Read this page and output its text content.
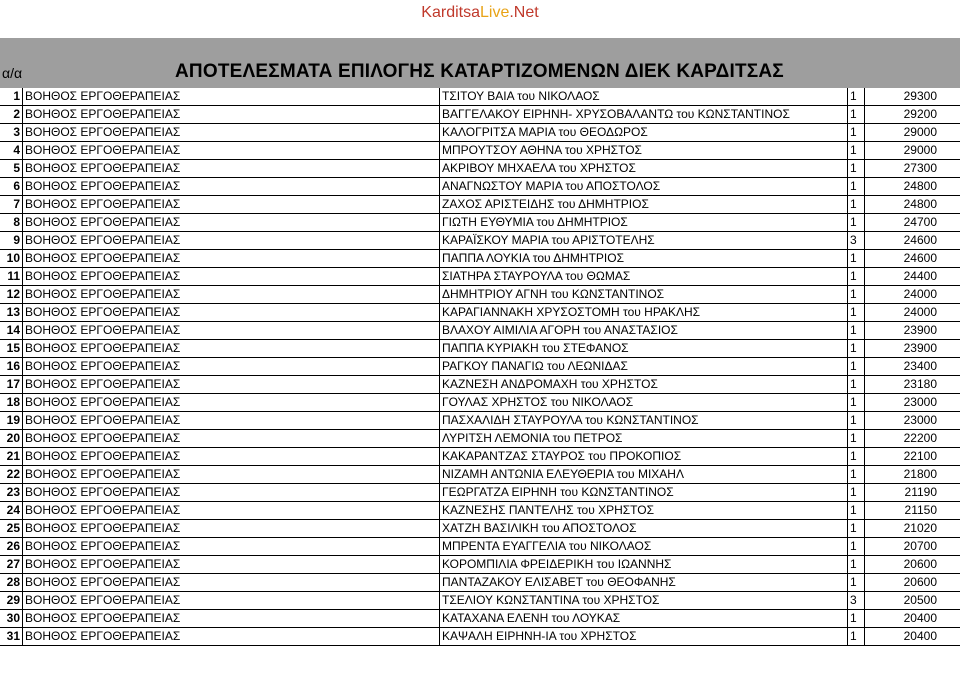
KarditsaLive.Net
α/α	ΑΠΟΤΕΛΕΣΜΑΤΑ ΕΠΙΛΟΓΗΣ ΚΑΤΑΡΤΙΖΟΜΕΝΩΝ ΔΙΕΚ ΚΑΡΔΙΤΣΑΣ
1	ΒΟΗΘΟΣ ΕΡΓΟΘΕΡΑΠΕΙΑΣ	ΤΣΙΤΟΥ ΒΑΙΑ του ΝΙΚΟΛΑΟΣ	1	29300
2	ΒΟΗΘΟΣ ΕΡΓΟΘΕΡΑΠΕΙΑΣ	ΒΑΓΓΕΛΑΚΟΥ ΕΙΡΗΝΗ- ΧΡΥΣΟΒΑΛΑΝΤΩ του ΚΩΝΣΤΑΝΤΙΝΟΣ	1	29200
3	ΒΟΗΘΟΣ ΕΡΓΟΘΕΡΑΠΕΙΑΣ	ΚΑΛΟΓΡΙΤΣΑ ΜΑΡΙΑ του ΘΕΟΔΩΡΟΣ	1	29000
4	ΒΟΗΘΟΣ ΕΡΓΟΘΕΡΑΠΕΙΑΣ	ΜΠΡΟΥΤΣΟΥ ΑΘΗΝΑ του ΧΡΗΣΤΟΣ	1	29000
5	ΒΟΗΘΟΣ ΕΡΓΟΘΕΡΑΠΕΙΑΣ	ΑΚΡΙΒΟΥ ΜΗΧΑΕΛΑ του ΧΡΗΣΤΟΣ	1	27300
6	ΒΟΗΘΟΣ ΕΡΓΟΘΕΡΑΠΕΙΑΣ	ΑΝΑΓΝΩΣΤΟΥ ΜΑΡΙΑ του ΑΠΟΣΤΟΛΟΣ	1	24800
7	ΒΟΗΘΟΣ ΕΡΓΟΘΕΡΑΠΕΙΑΣ	ΖΑΧΟΣ ΑΡΙΣΤΕΙΔΗΣ του ΔΗΜΗΤΡΙΟΣ	1	24800
8	ΒΟΗΘΟΣ ΕΡΓΟΘΕΡΑΠΕΙΑΣ	ΓΙΩΤΗ ΕΥΘΥΜΙΑ του ΔΗΜΗΤΡΙΟΣ	1	24700
9	ΒΟΗΘΟΣ ΕΡΓΟΘΕΡΑΠΕΙΑΣ	ΚΑΡΑΪΣΚΟΥ ΜΑΡΙΑ του ΑΡΙΣΤΟΤΕΛΗΣ	3	24600
10	ΒΟΗΘΟΣ ΕΡΓΟΘΕΡΑΠΕΙΑΣ	ΠΑΠΠΑ ΛΟΥΚΙΑ του ΔΗΜΗΤΡΙΟΣ	1	24600
11	ΒΟΗΘΟΣ ΕΡΓΟΘΕΡΑΠΕΙΑΣ	ΣΙΑΤΗΡΑ ΣΤΑΥΡΟΥΛΑ του ΘΩΜΑΣ	1	24400
12	ΒΟΗΘΟΣ ΕΡΓΟΘΕΡΑΠΕΙΑΣ	ΔΗΜΗΤΡΙΟΥ ΑΓΝΗ του ΚΩΝΣΤΑΝΤΙΝΟΣ	1	24000
13	ΒΟΗΘΟΣ ΕΡΓΟΘΕΡΑΠΕΙΑΣ	ΚΑΡΑΓΙΑΝΝΑΚΗ ΧΡΥΣΟΣΤΟΜΗ του ΗΡΑΚΛΗΣ	1	24000
14	ΒΟΗΘΟΣ ΕΡΓΟΘΕΡΑΠΕΙΑΣ	ΒΛΑΧΟΥ ΑΙΜΙΛΙΑ ΑΓΟΡΗ του ΑΝΑΣΤΑΣΙΟΣ	1	23900
15	ΒΟΗΘΟΣ ΕΡΓΟΘΕΡΑΠΕΙΑΣ	ΠΑΠΠΑ ΚΥΡΙΑΚΗ του ΣΤΕΦΑΝΟΣ	1	23900
16	ΒΟΗΘΟΣ ΕΡΓΟΘΕΡΑΠΕΙΑΣ	ΡΑΓΚΟΥ ΠΑΝΑΓΙΩ του ΛΕΩΝΙΔΑΣ	1	23400
17	ΒΟΗΘΟΣ ΕΡΓΟΘΕΡΑΠΕΙΑΣ	ΚΑΖΝΕΣΗ ΑΝΔΡΟΜΑΧΗ του ΧΡΗΣΤΟΣ	1	23180
18	ΒΟΗΘΟΣ ΕΡΓΟΘΕΡΑΠΕΙΑΣ	ΓΟΥΛΑΣ ΧΡΗΣΤΟΣ του ΝΙΚΟΛΑΟΣ	1	23000
19	ΒΟΗΘΟΣ ΕΡΓΟΘΕΡΑΠΕΙΑΣ	ΠΑΣΧΑΛΙΔΗ ΣΤΑΥΡΟΥΛΑ του ΚΩΝΣΤΑΝΤΙΝΟΣ	1	23000
20	ΒΟΗΘΟΣ ΕΡΓΟΘΕΡΑΠΕΙΑΣ	ΛΥΡΙΤΣΗ ΛΕΜΟΝΙΑ του ΠΕΤΡΟΣ	1	22200
21	ΒΟΗΘΟΣ ΕΡΓΟΘΕΡΑΠΕΙΑΣ	ΚΑΚΑΡΑΝΤΖΑΣ ΣΤΑΥΡΟΣ του ΠΡΟΚΟΠΙΟΣ	1	22100
22	ΒΟΗΘΟΣ ΕΡΓΟΘΕΡΑΠΕΙΑΣ	ΝΙΖΑΜΗ ΑΝΤΩΝΙΑ ΕΛΕΥΘΕΡΙΑ του ΜΙΧΑΗΛ	1	21800
23	ΒΟΗΘΟΣ ΕΡΓΟΘΕΡΑΠΕΙΑΣ	ΓΕΩΡΓΑΤΖΑ ΕΙΡΗΝΗ του ΚΩΝΣΤΑΝΤΙΝΟΣ	1	21190
24	ΒΟΗΘΟΣ ΕΡΓΟΘΕΡΑΠΕΙΑΣ	ΚΑΖΝΕΣΗΣ ΠΑΝΤΕΛΗΣ του ΧΡΗΣΤΟΣ	1	21150
25	ΒΟΗΘΟΣ ΕΡΓΟΘΕΡΑΠΕΙΑΣ	ΧΑΤΖΗ ΒΑΣΙΛΙΚΗ του ΑΠΟΣΤΟΛΟΣ	1	21020
26	ΒΟΗΘΟΣ ΕΡΓΟΘΕΡΑΠΕΙΑΣ	ΜΠΡΕΝΤΑ ΕΥΑΓΓΕΛΙΑ του ΝΙΚΟΛΑΟΣ	1	20700
27	ΒΟΗΘΟΣ ΕΡΓΟΘΕΡΑΠΕΙΑΣ	ΚΟΡΟΜΠΙΛΙΑ ΦΡΕΙΔΕΡΙΚΗ του ΙΩΑΝΝΗΣ	1	20600
28	ΒΟΗΘΟΣ ΕΡΓΟΘΕΡΑΠΕΙΑΣ	ΠΑΝΤΑΖΑΚΟΥ ΕΛΙΣΑΒΕΤ του ΘΕΟΦΑΝΗΣ	1	20600
29	ΒΟΗΘΟΣ ΕΡΓΟΘΕΡΑΠΕΙΑΣ	ΤΣΕΛΙΟΥ ΚΩΝΣΤΑΝΤΙΝΑ του ΧΡΗΣΤΟΣ	3	20500
30	ΒΟΗΘΟΣ ΕΡΓΟΘΕΡΑΠΕΙΑΣ	ΚΑΤΑΧΑΝΑ ΕΛΕΝΗ του ΛΟΥΚΑΣ	1	20400
31	ΒΟΗΘΟΣ ΕΡΓΟΘΕΡΑΠΕΙΑΣ	ΚΑΨΑΛΗ ΕΙΡΗΝΗ-ΙΑ του ΧΡΗΣΤΟΣ	1	20400
